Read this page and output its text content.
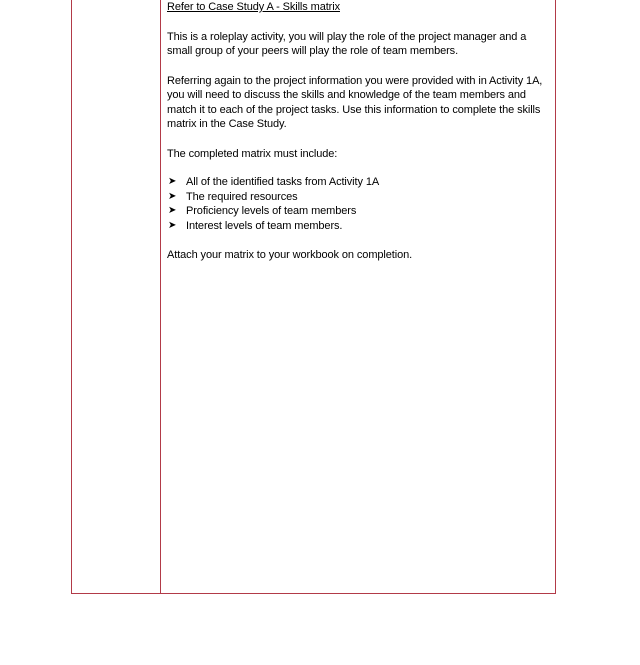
Refer to Case Study A - Skills matrix

This is a roleplay activity, you will play the role of the project manager and a small group of your peers will play the role of team members.

Referring again to the project information you were provided with in Activity 1A, you will need to discuss the skills and knowledge of the team members and match it to each of the project tasks. Use this information to complete the skills matrix in the Case Study.

The completed matrix must include:

➤ All of the identified tasks from Activity 1A
➤ The required resources
➤ Proficiency levels of team members
➤ Interest levels of team members.

Attach your matrix to your workbook on completion.
